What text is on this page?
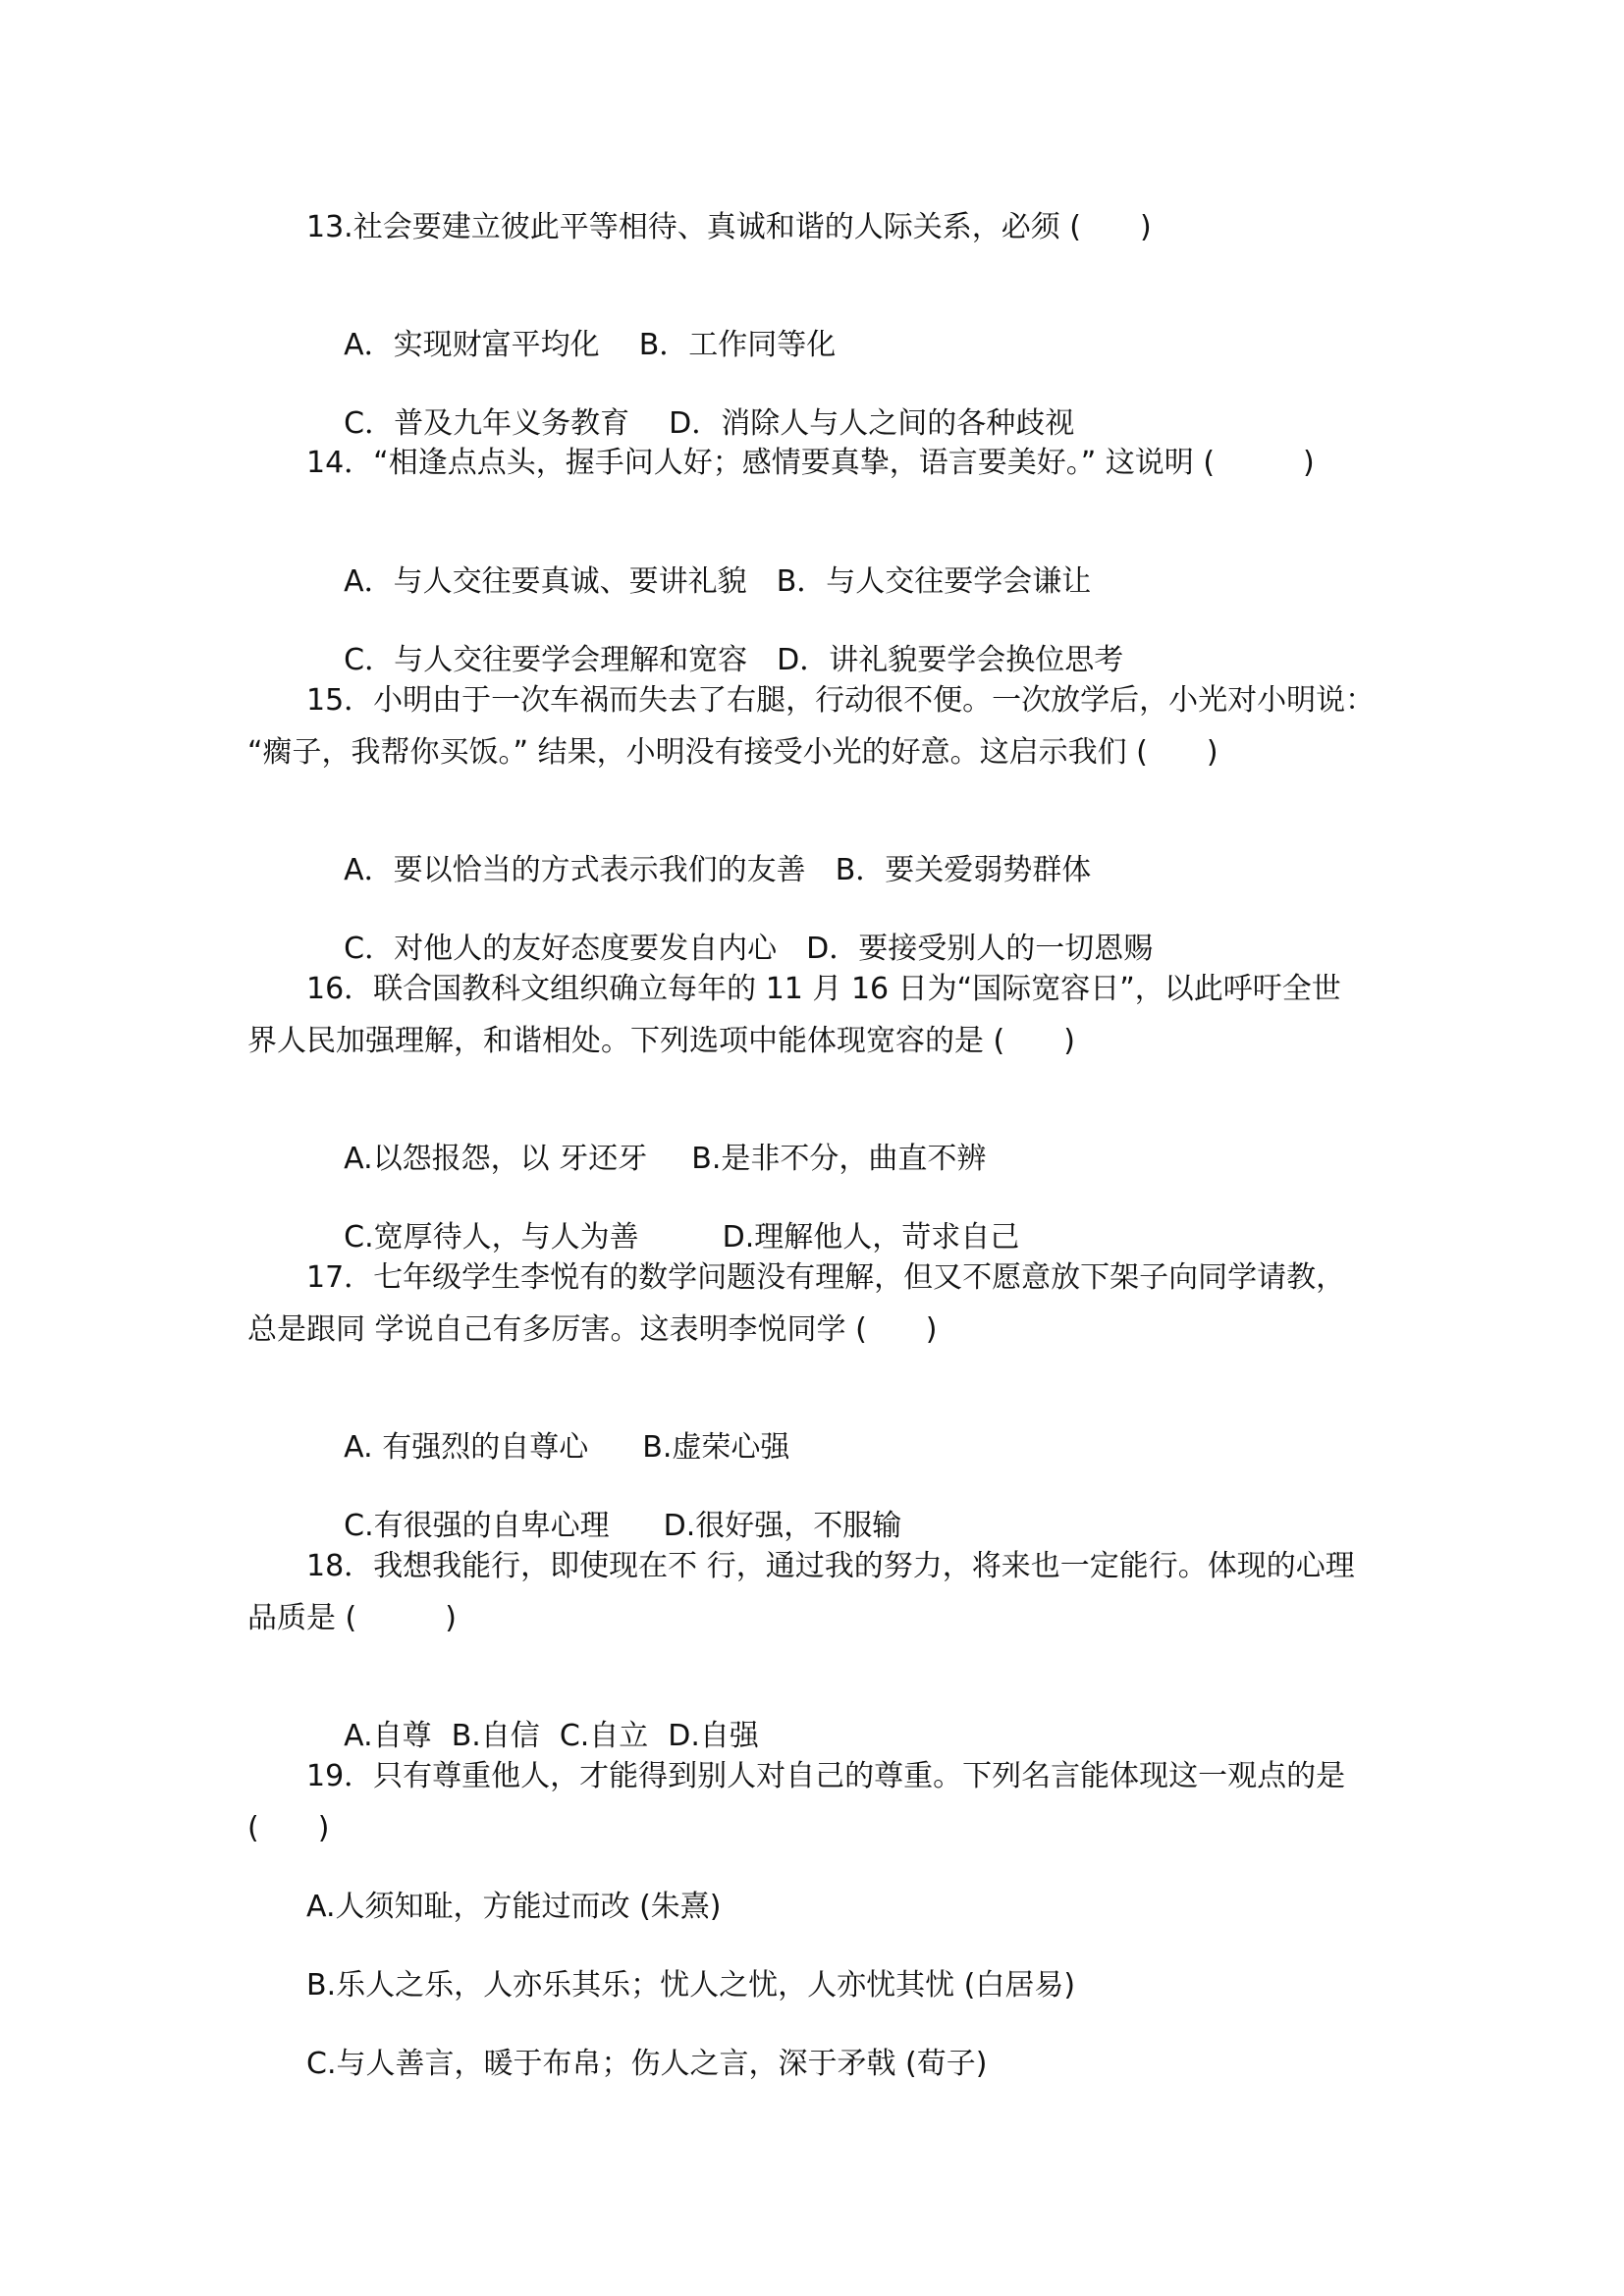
13.社会要建立彼此平等相待、真诚和谐的人际关系，必须 (　　)

A．实现财富平均化 B．工作同等化

C．普及九年义务教育 D．消除人与人之间的各种歧视

14．“相逢点点头，握手问人好；感情要真挚，语言要美好。” 这说明 (　　　)

A．与人交往要真诚、要讲礼貌 B．与人交往要学会谦让

C．与人交往要学会理解和宽容 D．讲礼貌要学会换位思考

15．小明由于一次车祸而失去了右腿，行动很不便。一次放学后，小光对小明说：
“瘸子，我帮你买饭。” 结果，小明没有接受小光的好意。这启示我们 (　　)

A．要以恰当的方式表示我们的友善 B．要关爱弱势群体

C．对他人的友好态度要发自内心 D．要接受别人的一切恩赐

16．联合国教科文组织确立每年的 11 月 16 日为“国际宽容日”，以此呼吁全世
界人民加强理解，和谐相处。下列选项中能体现宽容的是 (　　)

A.以怨报怨，以 牙还牙 B.是非不分，曲直不辨

C.宽厚待人，与人为善	D.理解他人，苛求自己

17．七年级学生李悦有的数学问题没有理解，但又不愿意放下架子向同学请教，
总是跟同 学说自己有多厉害。这表明李悦同学 (　　)

A. 有强烈的自尊心 B.虚荣心强

C.有很强的自卑心理 D.很好强，不服输

18．我想我能行，即使现在不 行，通过我的努力，将来也一定能行。体现的心理
品质是 (　　　)

A.自尊 B.自信 C.自立 D.自强

19．只有尊重他人，才能得到别人对自己的尊重。下列名言能体现这一观点的是
(　　)
A.人须知耻，方能过而改 (朱熹)
B.乐人之乐，人亦乐其乐；忧人之忧，人亦忧其忧 (白居易)
C.与人善言，暖于布帛；伤人之言，深于矛戟 (荀子)
